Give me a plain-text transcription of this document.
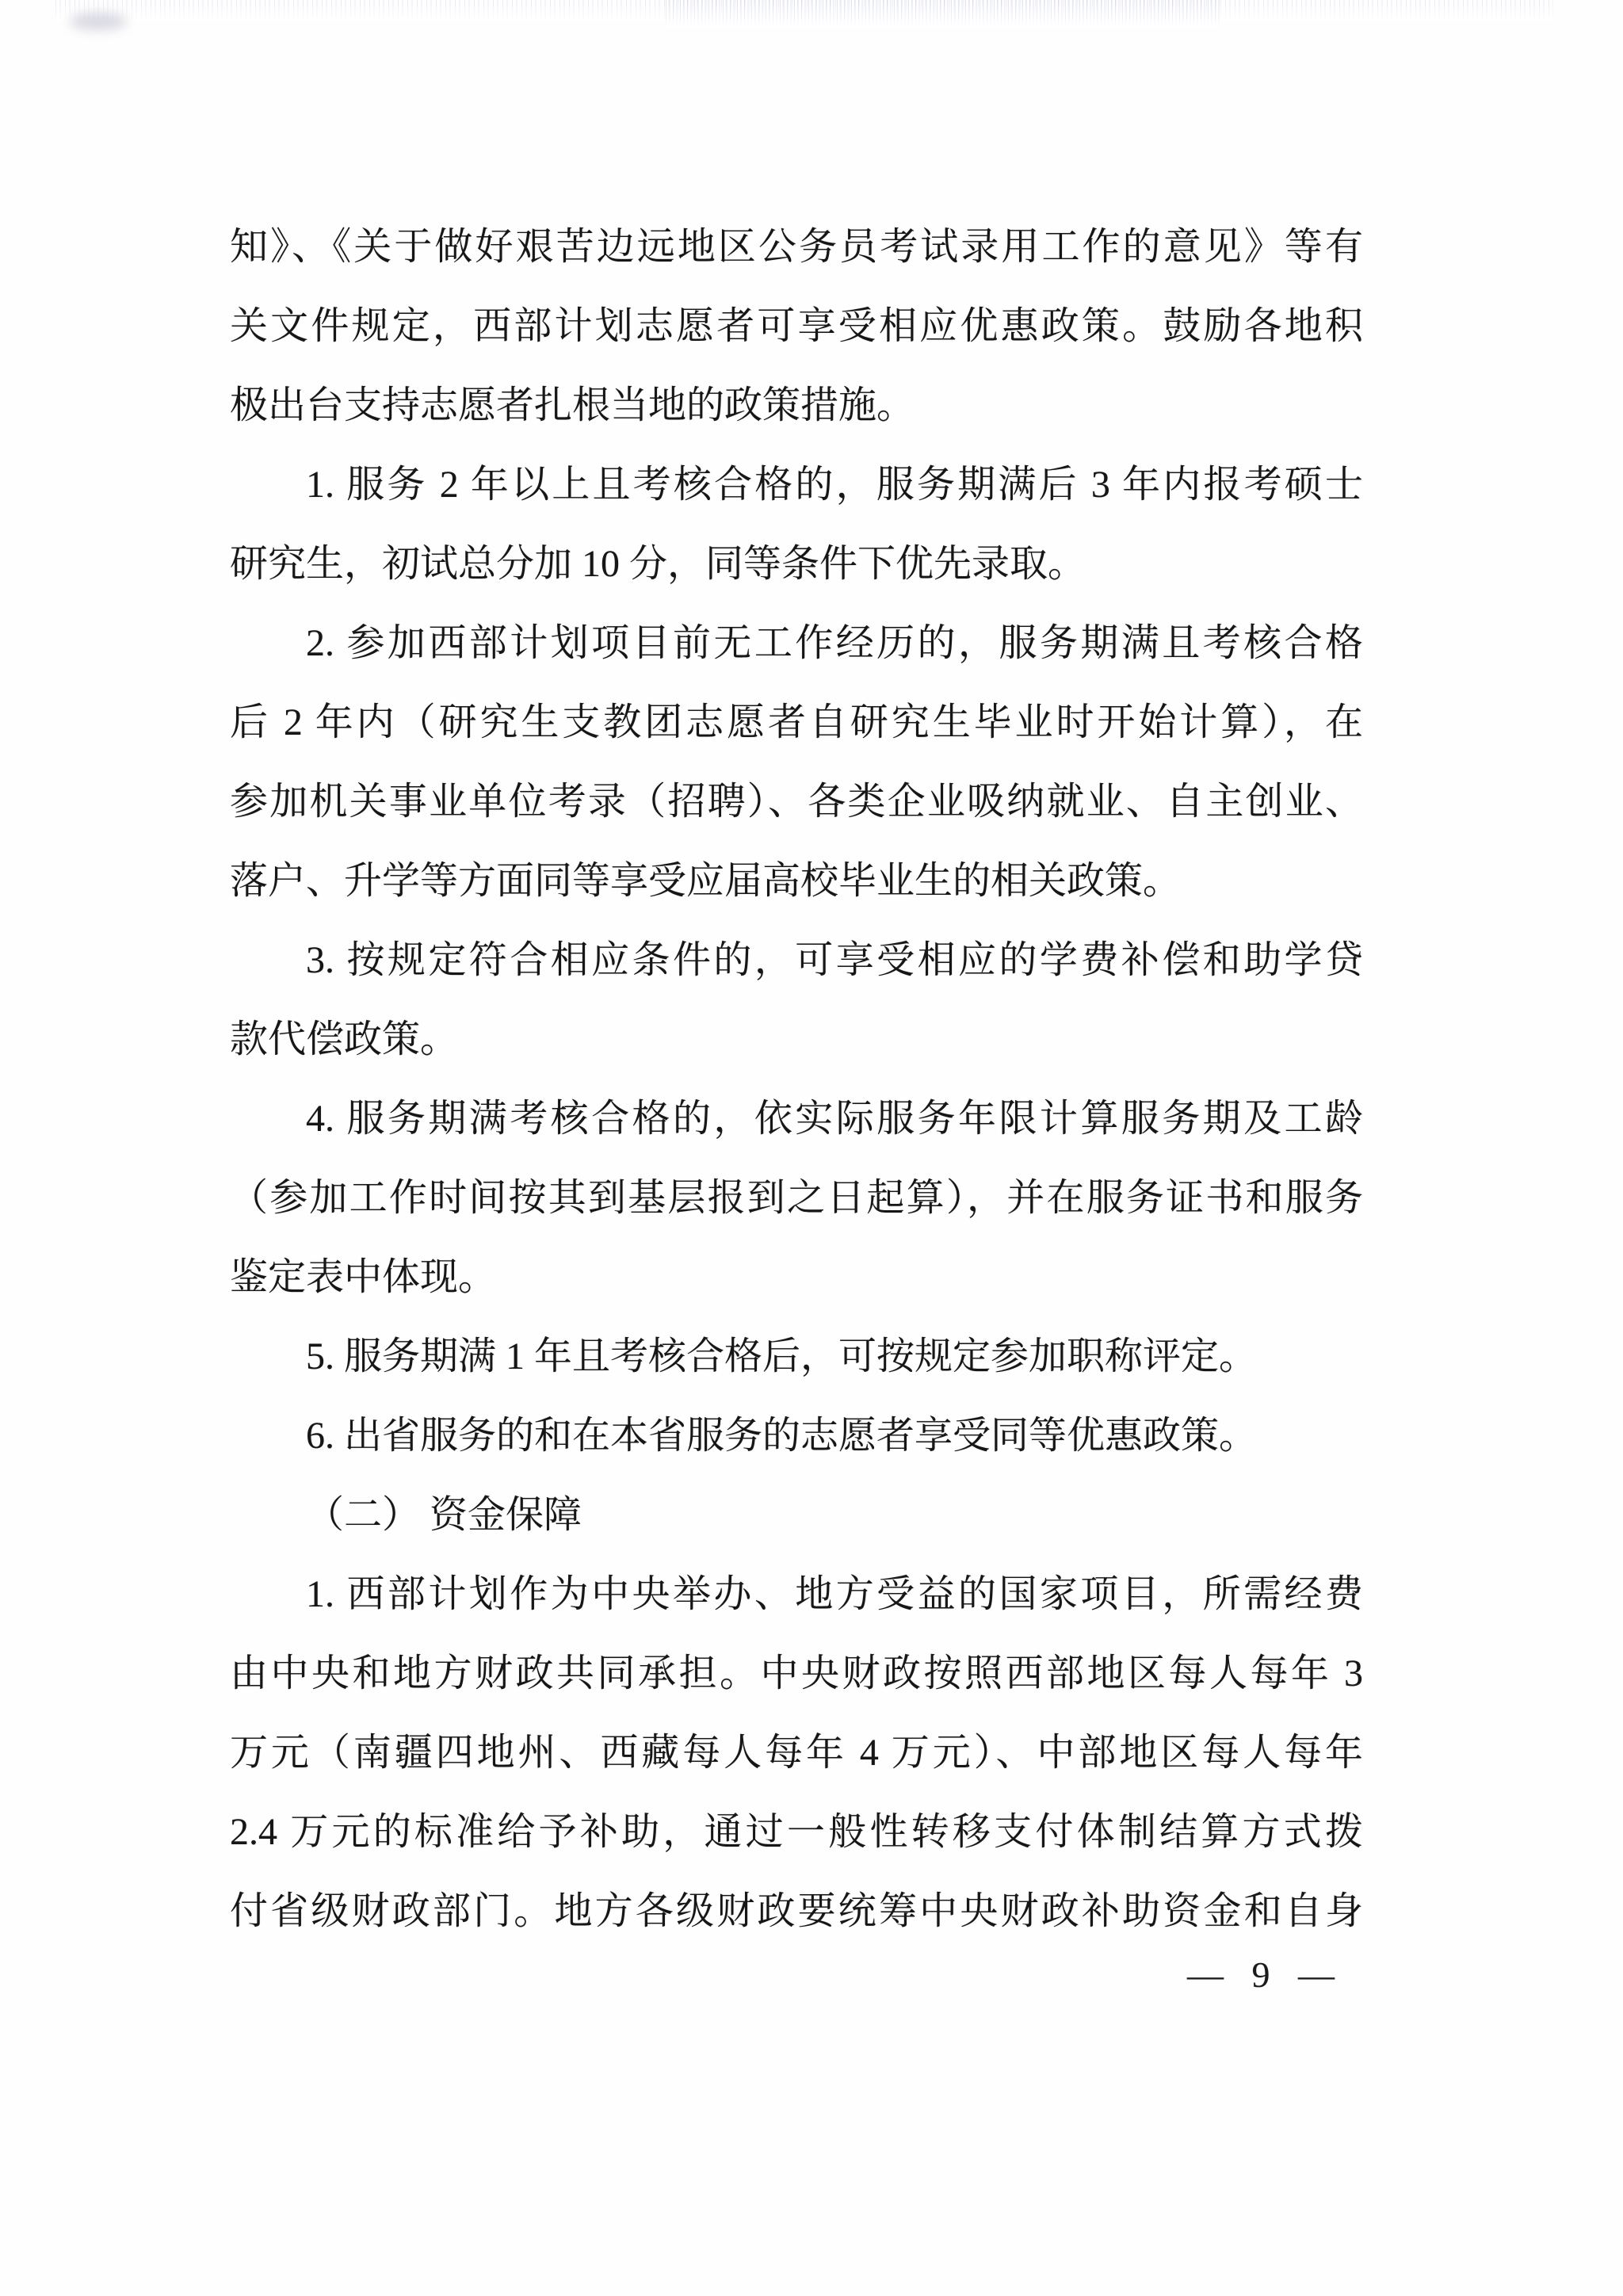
知》、《关于做好艰苦边远地区公务员考试录用工作的意见》等有
关文件规定，西部计划志愿者可享受相应优惠政策。鼓励各地积
极出台支持志愿者扎根当地的政策措施。
1. 服务 2 年以上且考核合格的，服务期满后 3 年内报考硕士
研究生，初试总分加 10 分，同等条件下优先录取。
2. 参加西部计划项目前无工作经历的，服务期满且考核合格
后 2 年内（研究生支教团志愿者自研究生毕业时开始计算），在
参加机关事业单位考录（招聘）、各类企业吸纳就业、自主创业、
落户、升学等方面同等享受应届高校毕业生的相关政策。
3. 按规定符合相应条件的，可享受相应的学费补偿和助学贷
款代偿政策。
4. 服务期满考核合格的，依实际服务年限计算服务期及工龄
（参加工作时间按其到基层报到之日起算），并在服务证书和服务
鉴定表中体现。
5. 服务期满 1 年且考核合格后，可按规定参加职称评定。
6. 出省服务的和在本省服务的志愿者享受同等优惠政策。
（二） 资金保障
1. 西部计划作为中央举办、地方受益的国家项目，所需经费
由中央和地方财政共同承担。中央财政按照西部地区每人每年 3
万元（南疆四地州、西藏每人每年 4 万元）、中部地区每人每年
2.4 万元的标准给予补助，通过一般性转移支付体制结算方式拨
付省级财政部门。地方各级财政要统筹中央财政补助资金和自身
— 9 —
